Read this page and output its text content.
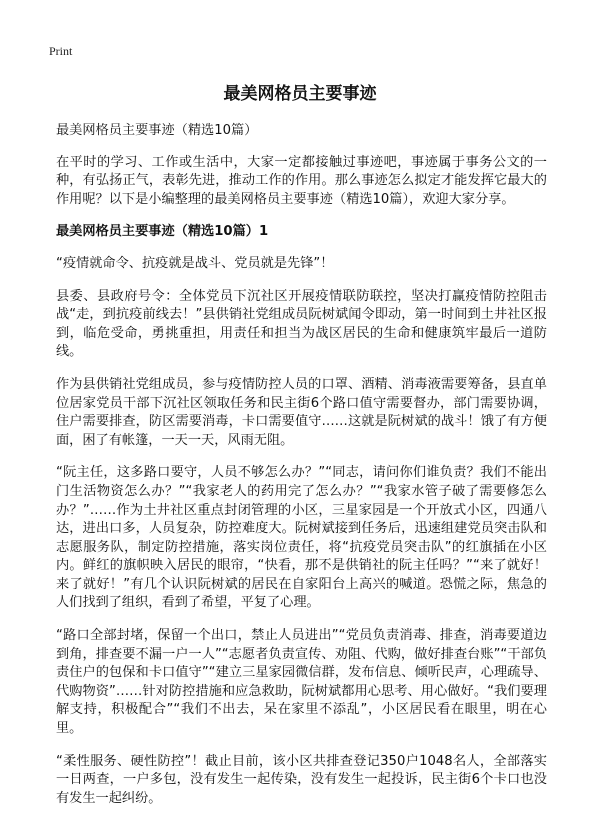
Print
最美网格员主要事迹

最美网格员主要事迹（精选10篇）

在平时的学习、工作或生活中，大家一定都接触过事迹吧，事迹属于事务公文的一种，有弘扬正气，表彰先进，推动工作的作用。那么事迹怎么拟定才能发挥它最大的作用呢？以下是小编整理的最美网格员主要事迹（精选10篇），欢迎大家分享。

最美网格员主要事迹（精选10篇）1

“疫情就命令、抗疫就是战斗、党员就是先锋”！

县委、县政府号令：全体党员下沉社区开展疫情联防联控，坚决打赢疫情防控阻击战“走，到抗疫前线去！”县供销社党组成员阮树斌闻令即动，第一时间到土井社区报到，临危受命，勇挑重担，用责任和担当为战区居民的生命和健康筑牢最后一道防线。

作为县供销社党组成员，参与疫情防控人员的口罩、酒精、消毒液需要筹备，县直单位居家党员干部下沉社区领取任务和民主街6个路口值守需要督办，部门需要协调，住户需要排查，防区需要消毒，卡口需要值守……这就是阮树斌的战斗！饿了有方便面，困了有帐篷，一天一天，风雨无阻。

“阮主任，这多路口要守，人员不够怎么办？”“同志，请问你们谁负责？我们不能出门生活物资怎么办？”“我家老人的药用完了怎么办？”“我家水管子破了需要修怎么办？”……作为土井社区重点封闭管理的小区，三星家园是一个开放式小区，四通八达，进出口多，人员复杂，防控难度大。阮树斌接到任务后，迅速组建党员突击队和志愿服务队，制定防控措施，落实岗位责任，将“抗疫党员突击队”的红旗插在小区内。鲜红的旗帜映入居民的眼帘，“快看，那不是供销社的阮主任吗？”“来了就好！来了就好！”有几个认识阮树斌的居民在自家阳台上高兴的喊道。恐慌之际，焦急的人们找到了组织，看到了希望，平复了心理。

“路口全部封堵，保留一个出口，禁止人员进出”“党员负责消毒、排查，消毒要道边到角，排查要不漏一户一人”“志愿者负责宣传、劝阻、代购，做好排查台账”“干部负责住户的包保和卡口值守”“建立三星家园微信群，发布信息、倾听民声，心理疏导、代购物资”……针对防控措施和应急救助，阮树斌都用心思考、用心做好。“我们要理解支持，积极配合”“我们不出去，呆在家里不添乱”，小区居民看在眼里，明在心里。

“柔性服务、硬性防控”！截止目前，该小区共排查登记350户1048名人，全部落实一日两查，一户多包，没有发生一起传染，没有发生一起投诉，民主街6个卡口也没有发生一起纠纷。
